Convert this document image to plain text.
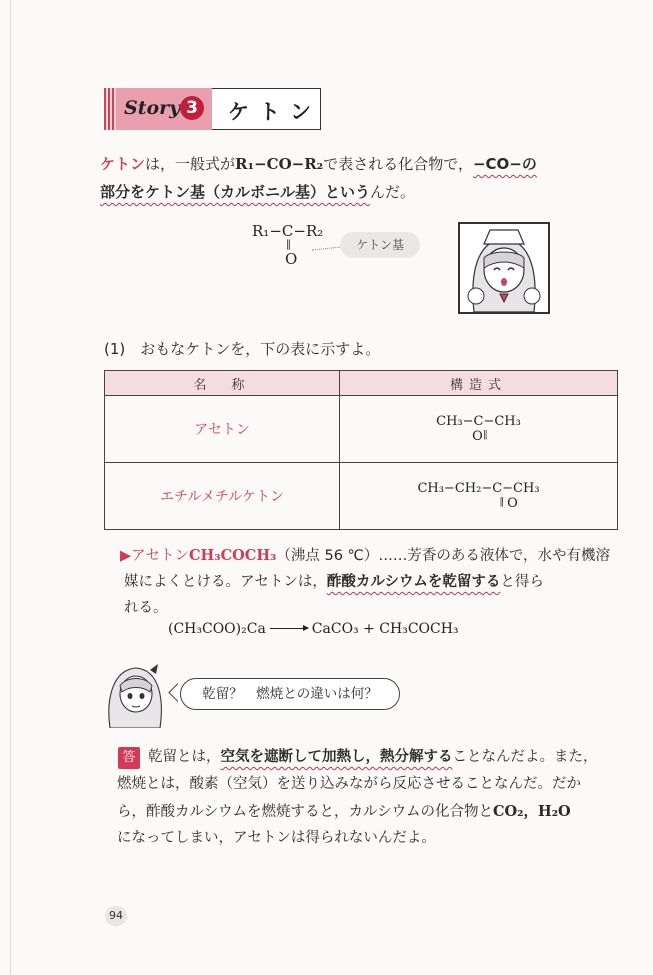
Story 3 ケトン
ケトンは，一般式がR₁−CO−R₂で表される化合物で，−CO−の
部分をケトン基（カルボニル基）というんだ。
R₁−C−R₂
‖
O
ケトン基
(1)　おもなケトンを，下の表に示すよ。
名　称	構造式
アセトン	CH₃−C−CH₃

‖
O
エチルメチルケトン	CH₃−CH₂−C−CH₃

‖ O
▶アセトンCH₃COCH₃（沸点 56 ℃）……芳香のある液体で，水や有機溶
媒によくとける。アセトンは，酢酸カルシウムを乾留すると得ら
れる。
(CH₃COO)₂Ca → CaCO₃ + CH₃COCH₃
乾留？　燃焼との違いは何？
答 乾留とは，空気を遮断して加熱し，熱分解することなんだよ。また，
燃焼とは，酸素（空気）を送り込みながら反応させることなんだ。だか
ら，酢酸カルシウムを燃焼すると，カルシウムの化合物とCO₂，H₂O
になってしまい，アセトンは得られないんだよ。
94
